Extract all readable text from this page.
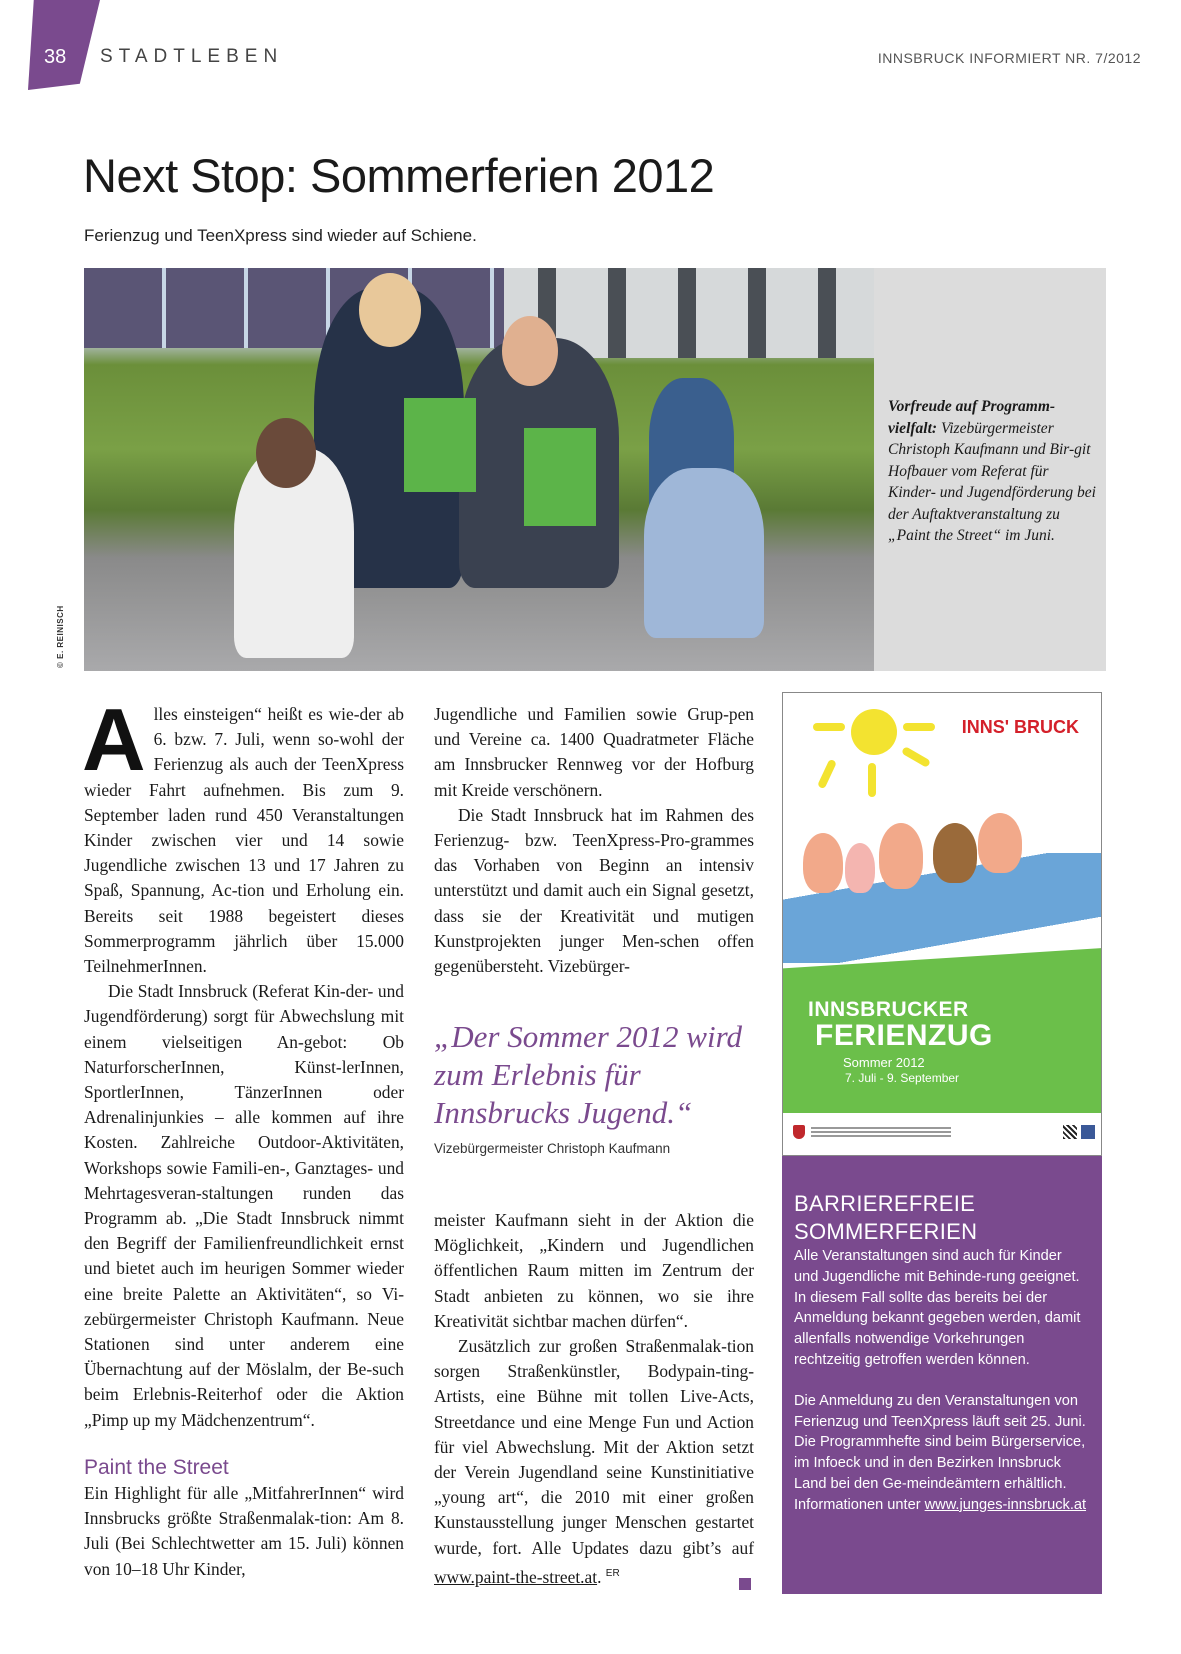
38 STADTLEBEN	INNSBRUCK INFORMIERT NR. 7/2012
Next Stop: Sommerferien 2012
Ferienzug und TeenXpress sind wieder auf Schiene.
Vorfreude auf Programm-vielfalt: Vizebürgermeister Christoph Kaufmann und Bir-git Hofbauer vom Referat für Kinder- und Jugendförderung bei der Auftaktveranstaltung zu „Paint the Street“ im Juni.
© E. REINISCH
A lles einsteigen“ heißt es wie-der ab 6. bzw. 7. Juli, wenn so-wohl der Ferienzug als auch der TeenXpress wieder Fahrt aufnehmen. Bis zum 9. September laden rund 450 Veranstaltungen Kinder zwischen vier und 14 sowie Jugendliche zwischen 13 und 17 Jahren zu Spaß, Spannung, Ac-tion und Erholung ein. Bereits seit 1988 begeistert dieses Sommerprogramm jährlich über 15.000 TeilnehmerInnen.

Die Stadt Innsbruck (Referat Kin-der- und Jugendförderung) sorgt für Abwechslung mit einem vielseitigen An-gebot: Ob NaturforscherInnen, Künst-lerInnen, SportlerInnen, TänzerInnen oder Adrenalinjunkies – alle kommen auf ihre Kosten. Zahlreiche Outdoor-Aktivitäten, Workshops sowie Famili-en-, Ganztages- und Mehrtagesveran-staltungen runden das Programm ab. „Die Stadt Innsbruck nimmt den Begriff der Familienfreundlichkeit ernst und bietet auch im heurigen Sommer wieder eine breite Palette an Aktivitäten“, so Vi-zebürgermeister Christoph Kaufmann. Neue Stationen sind unter anderem eine Übernachtung auf der Möslalm, der Be-such beim Erlebnis-Reiterhof oder die Aktion „Pimp up my Mädchenzentrum“.

Paint the Street

Ein Highlight für alle „MitfahrerInnen“ wird Innsbrucks größte Straßenmalak-tion: Am 8. Juli (Bei Schlechtwetter am 15. Juli) können von 10–18 Uhr Kinder,

Jugendliche und Familien sowie Grup-pen und Vereine ca. 1400 Quadratmeter Fläche am Innsbrucker Rennweg vor der Hofburg mit Kreide verschönern.

Die Stadt Innsbruck hat im Rahmen des Ferienzug- bzw. TeenXpress-Pro-grammes das Vorhaben von Beginn an intensiv unterstützt und damit auch ein Signal gesetzt, dass sie der Kreativität und mutigen Kunstprojekten junger Men-schen offen gegenübersteht. Vizebürger-

„Der Sommer 2012 wird zum Erlebnis für Innsbrucks Jugend.“
Vizebürgermeister Christoph Kaufmann

meister Kaufmann sieht in der Aktion die Möglichkeit, „Kindern und Jugendlichen öffentlichen Raum mitten im Zentrum der Stadt anbieten zu können, wo sie ihre Kreativität sichtbar machen dürfen“.

Zusätzlich zur großen Straßenmalak-tion sorgen Straßenkünstler, Bodypain-ting-Artists, eine Bühne mit tollen Live-Acts, Streetdance und eine Menge Fun und Action für viel Abwechslung. Mit der Aktion setzt der Verein Jugendland seine Kunstinitiative „young art“, die 2010 mit einer großen Kunstausstellung junger Menschen gestartet wurde, fort. Alle Updates dazu gibt’s auf www.paint-the-street.at. $^{ER}$

INNS' BRUCK
INNSBRUCKER
FERIENZUG
Sommer 2012
7. Juli - 9. September
BARRIEREFREIE
SOMMERFERIEN

Alle Veranstaltungen sind auch für Kinder und Jugendliche mit Behinde-rung geeignet. In diesem Fall sollte das bereits bei der Anmeldung bekannt gegeben werden, damit allenfalls notwendige Vorkehrungen rechtzeitig getroffen werden können.

Die Anmeldung zu den Veranstaltungen von Ferienzug und TeenXpress läuft seit 25. Juni. Die Programmhefte sind beim Bürgerservice, im Infoeck und in den Bezirken Innsbruck Land bei den Ge-meindeämtern erhältlich. Informationen unter www.junges-innsbruck.at
